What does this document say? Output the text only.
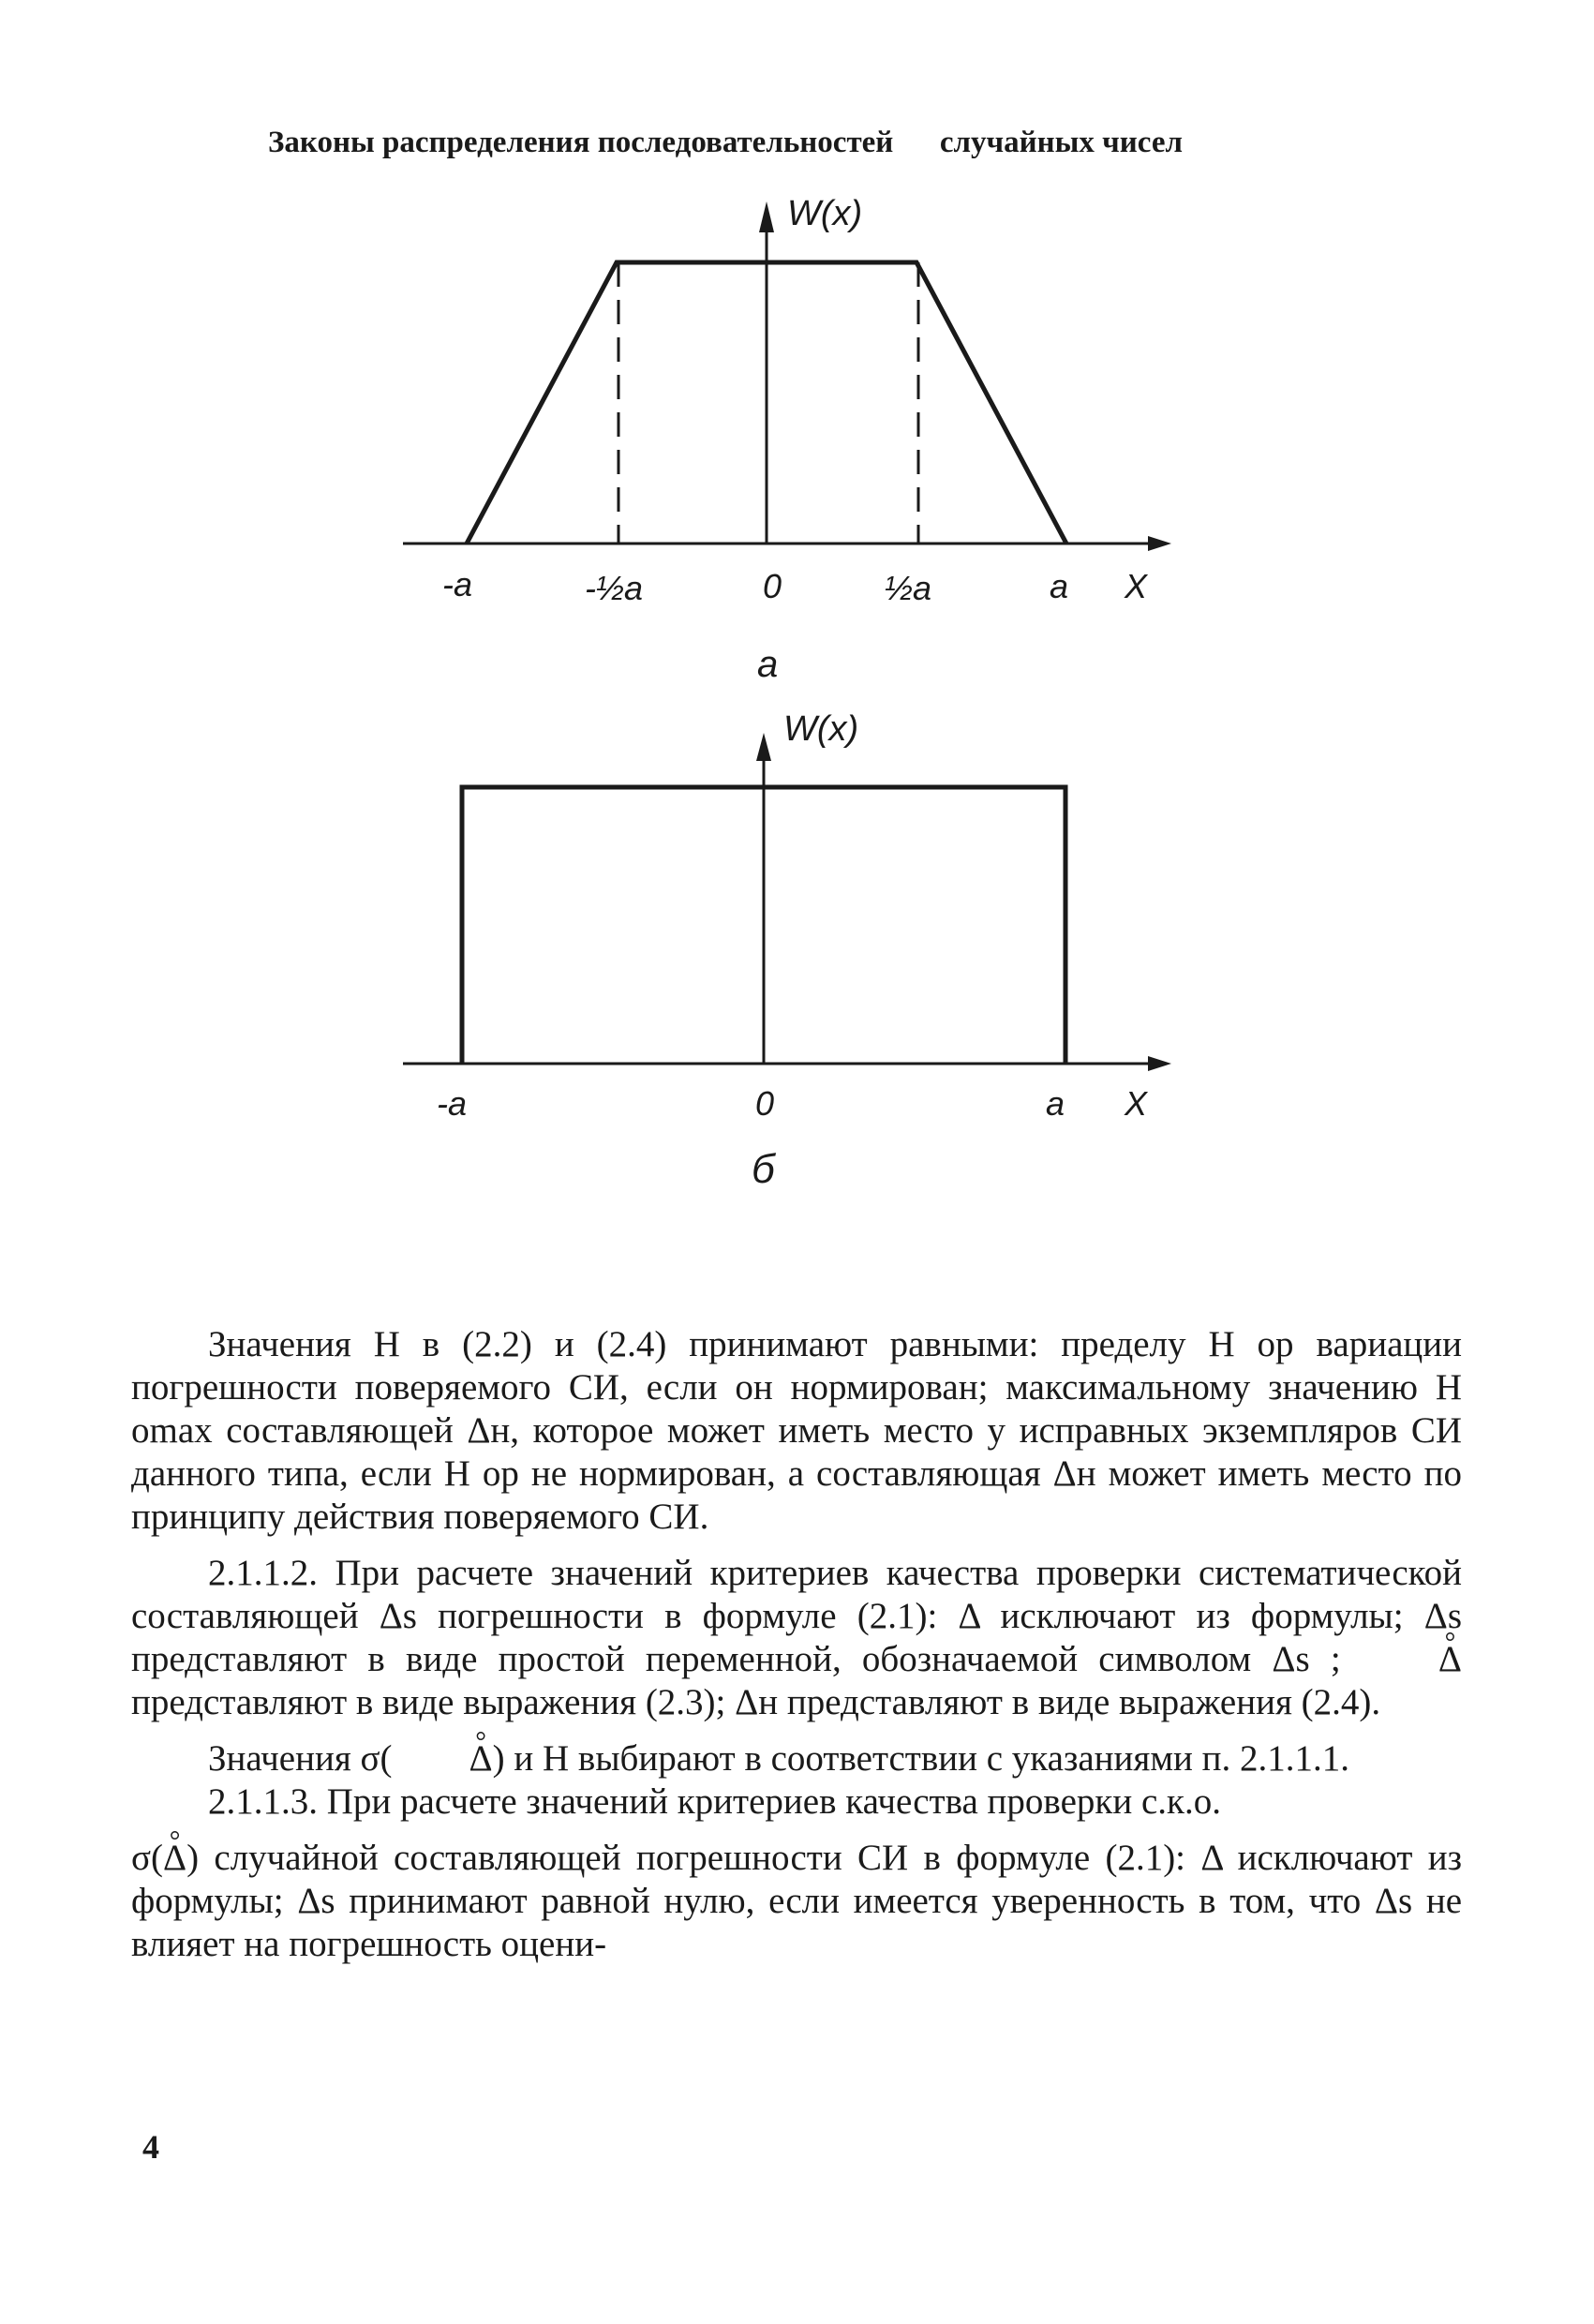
Законы распределения последовательностей случайных чисел
W(x)
-a	-½a	0	½a	a X
a
W(x)
-a	0	a X
б

Значения H в (2.2) и (2.4) принимают равными: пределу H ор вариации погрешности поверяемого СИ, если он нормирован; максимальному значению H omax составляющей Δн, которое может иметь место у исправных экземпляров СИ данного типа, если H ор не нормирован, а составляющая Δн может иметь место по принципу действия поверяемого СИ.

2.1.1.2. При расчете значений критериев качества проверки систематической составляющей Δs погрешности в формуле (2.1): Δ исключают из формулы; Δs представляют в виде простой переменной, обозначаемой символом Δs ; ° Δ представляют в виде выражения (2.3); Δн представляют в виде выражения (2.4).

Значения σ(° Δ) и H выбирают в соответствии с указаниями п. 2.1.1.1.

2.1.1.3. При расчете значений критериев качества проверки с.к.о.

σ(° Δ) случайной составляющей погрешности СИ в формуле (2.1): Δ исключают из формулы; Δs принимают равной нулю, если имеется уверенность в том, что Δs не влияет на погрешность оцени-

4
